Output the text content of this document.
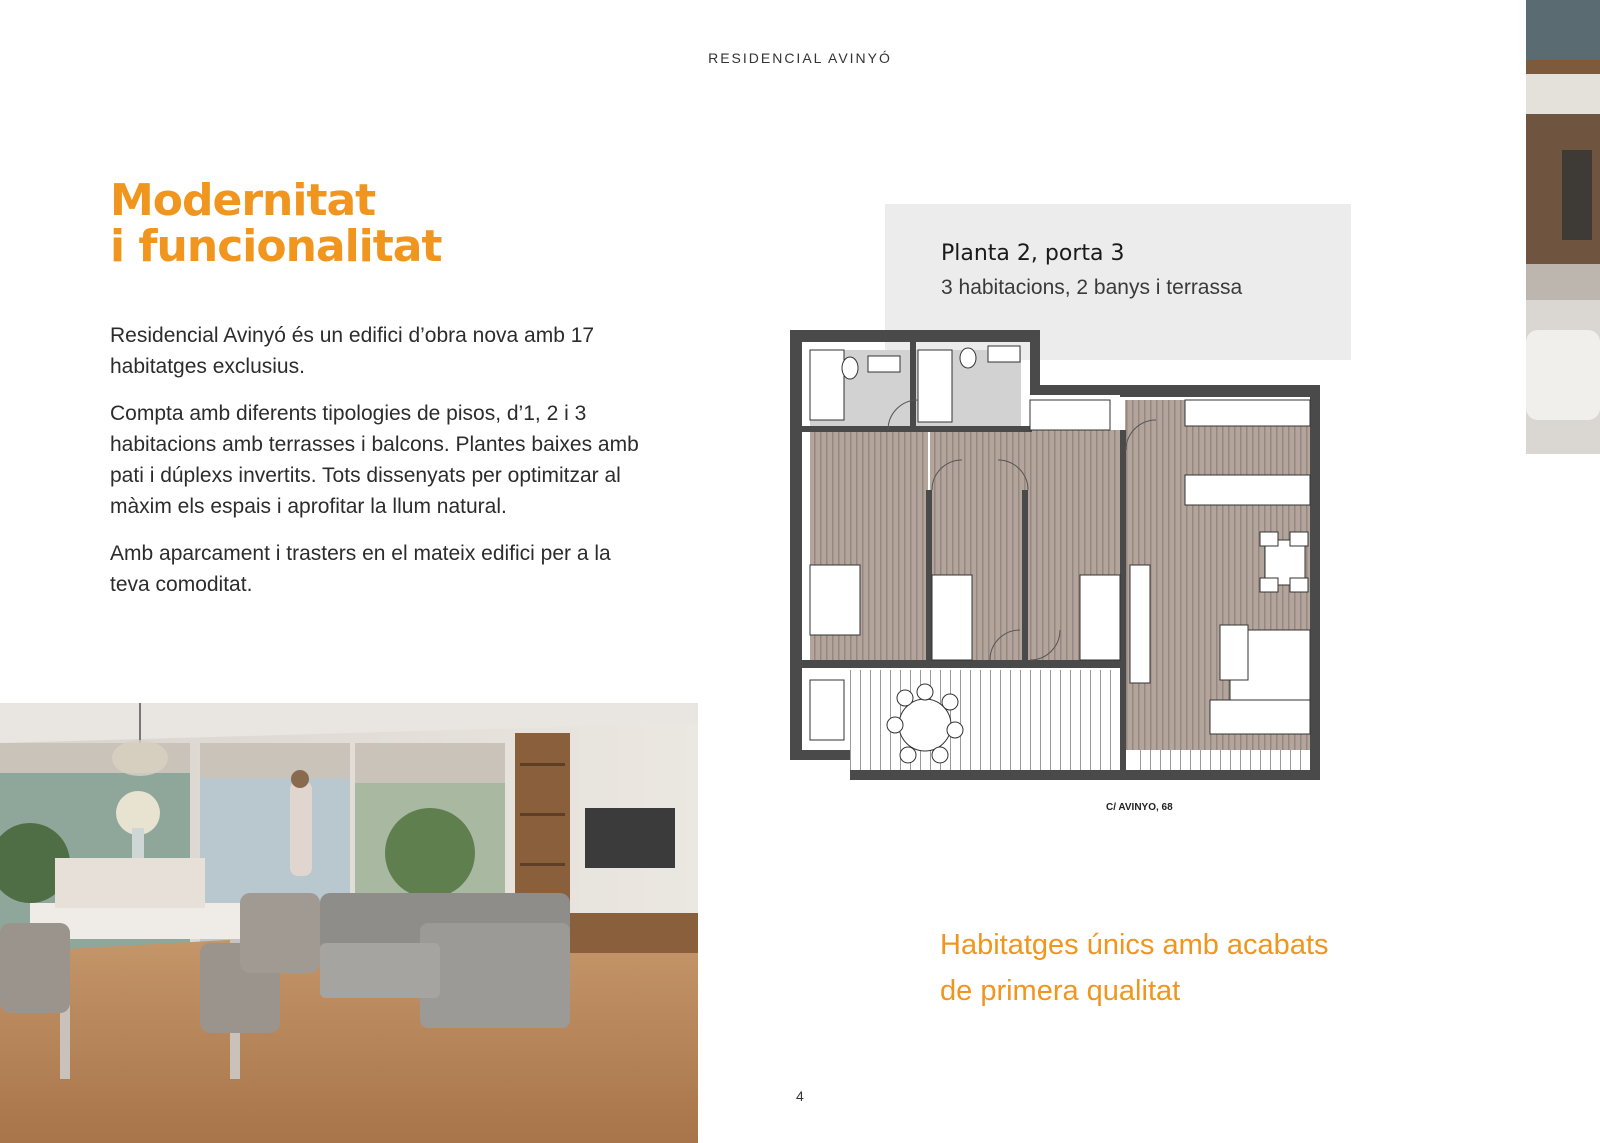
RESIDENCIAL AVINYÓ
Modernitat
i funcionalitat

Residencial Avinyó és un edifici d’obra nova amb 17 habitatges exclusius.

Compta amb diferents tipologies de pisos, d’1, 2 i 3 habitacions amb terrasses i balcons. Plantes baixes amb pati i dúplexs invertits. Tots dissenyats per optimitzar al màxim els espais i aprofitar la llum natural.

Amb aparcament i trasters en el mateix edifici per a la teva comoditat.

Planta 2, porta 3
3 habitacions, 2 banys i terrassa
C/ AVINYO, 68
Habitatges únics amb acabats
de primera qualitat
4
